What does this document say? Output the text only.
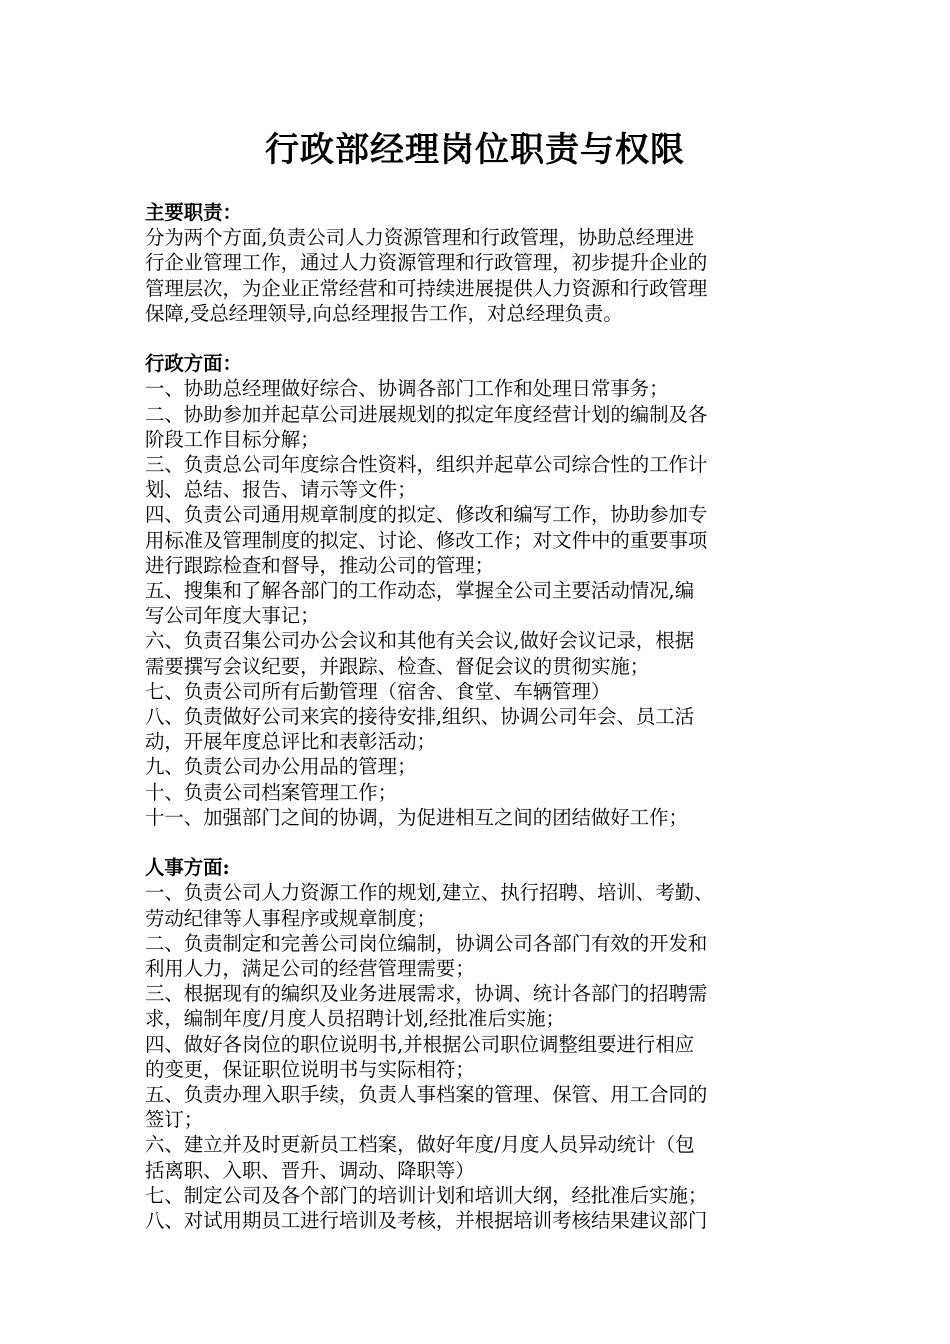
行政部经理岗位职责与权限
主要职责：
分为两个方面,负责公司人力资源管理和行政管理，协助总经理进
行企业管理工作，通过人力资源管理和行政管理，初步提升企业的
管理层次，为企业正常经营和可持续进展提供人力资源和行政管理
保障,受总经理领导,向总经理报告工作，对总经理负责。
行政方面：
一、协助总经理做好综合、协调各部门工作和处理日常事务；
二、协助参加并起草公司进展规划的拟定年度经营计划的编制及各
阶段工作目标分解；
三、负责总公司年度综合性资料，组织并起草公司综合性的工作计
划、总结、报告、请示等文件；
四、负责公司通用规章制度的拟定、修改和编写工作，协助参加专
用标准及管理制度的拟定、讨论、修改工作；对文件中的重要事项
进行跟踪检查和督导，推动公司的管理；
五、搜集和了解各部门的工作动态，掌握全公司主要活动情况,编
写公司年度大事记；
六、负责召集公司办公会议和其他有关会议,做好会议记录，根据
需要撰写会议纪要，并跟踪、检查、督促会议的贯彻实施；
七、负责公司所有后勤管理（宿舍、食堂、车辆管理）
八、负责做好公司来宾的接待安排,组织、协调公司年会、员工活
动，开展年度总评比和表彰活动；
九、负责公司办公用品的管理；
十、负责公司档案管理工作；
十一、加强部门之间的协调，为促进相互之间的团结做好工作；
人事方面:
一、负责公司人力资源工作的规划,建立、执行招聘、培训、考勤、
劳动纪律等人事程序或规章制度；
二、负责制定和完善公司岗位编制，协调公司各部门有效的开发和
利用人力，满足公司的经营管理需要；
三、根据现有的编织及业务进展需求，协调、统计各部门的招聘需
求，编制年度/月度人员招聘计划,经批准后实施；
四、做好各岗位的职位说明书,并根据公司职位调整组要进行相应
的变更，保证职位说明书与实际相符；
五、负责办理入职手续，负责人事档案的管理、保管、用工合同的
签订；
六、建立并及时更新员工档案，做好年度/月度人员异动统计（包
括离职、入职、晋升、调动、降职等）
七、制定公司及各个部门的培训计划和培训大纲，经批准后实施；
八、对试用期员工进行培训及考核，并根据培训考核结果建议部门
